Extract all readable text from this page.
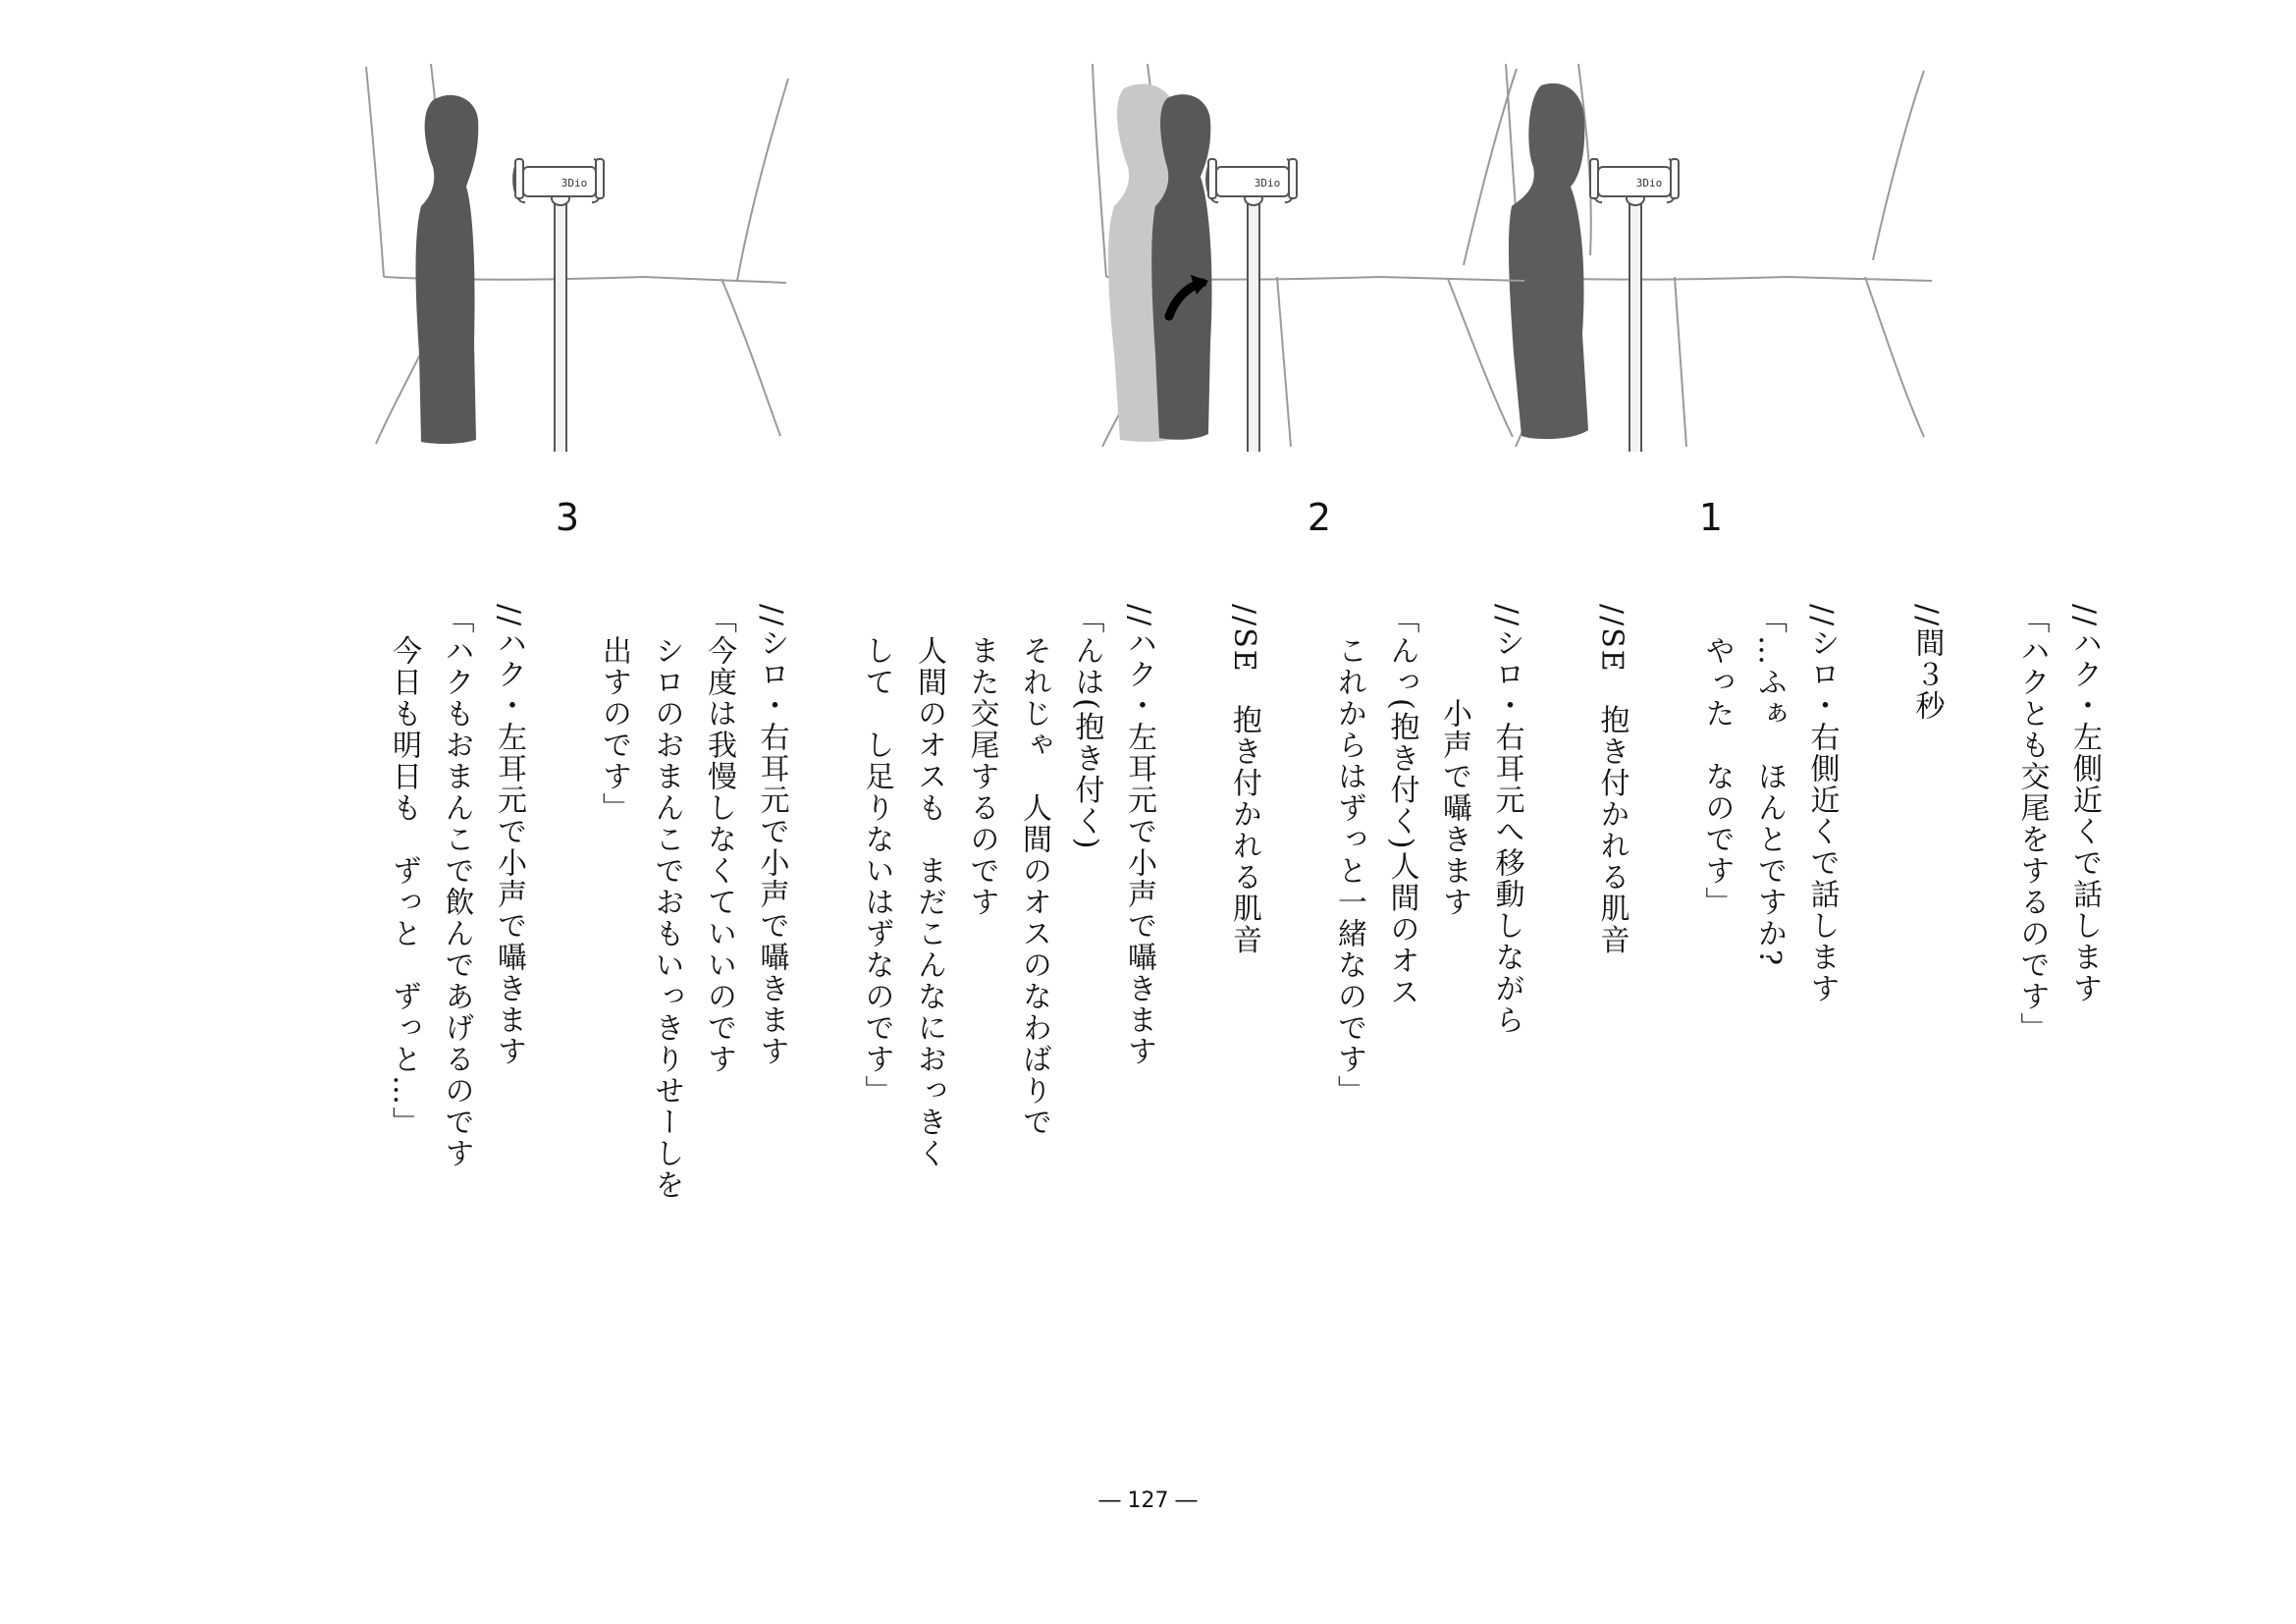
3Dio
1
3Dio
2
3Dio
3

//ハク・左側近くで話します

「ハクとも交尾をするのです」

//間３秒

//シロ・右側近くで話します

「…ふぁ　ほんとですか?

　やった　なのです」

//SE　抱き付かれる肌音

//シロ・右耳元へ移動しながら

　　　小声で囁きます

「んっ(抱き付く)人間のオス

　これからはずっと一緒なのです」

//SE　抱き付かれる肌音

//ハク・左耳元で小声で囁きます

「んは(抱き付く)

　それじゃ　人間のオスのなわばりで

　また交尾するのです

　人間のオスも　まだこんなにおっきく

　して　し足りないはずなのです」

//シロ・右耳元で小声で囁きます

「今度は我慢しなくていいのです

　シロのおまんこでおもいっきりせーしを

　出すのです」

//ハク・左耳元で小声で囁きます

「ハクもおまんこで飲んであげるのです

　今日も明日も　ずっと　ずっと…」

― 127 ―
